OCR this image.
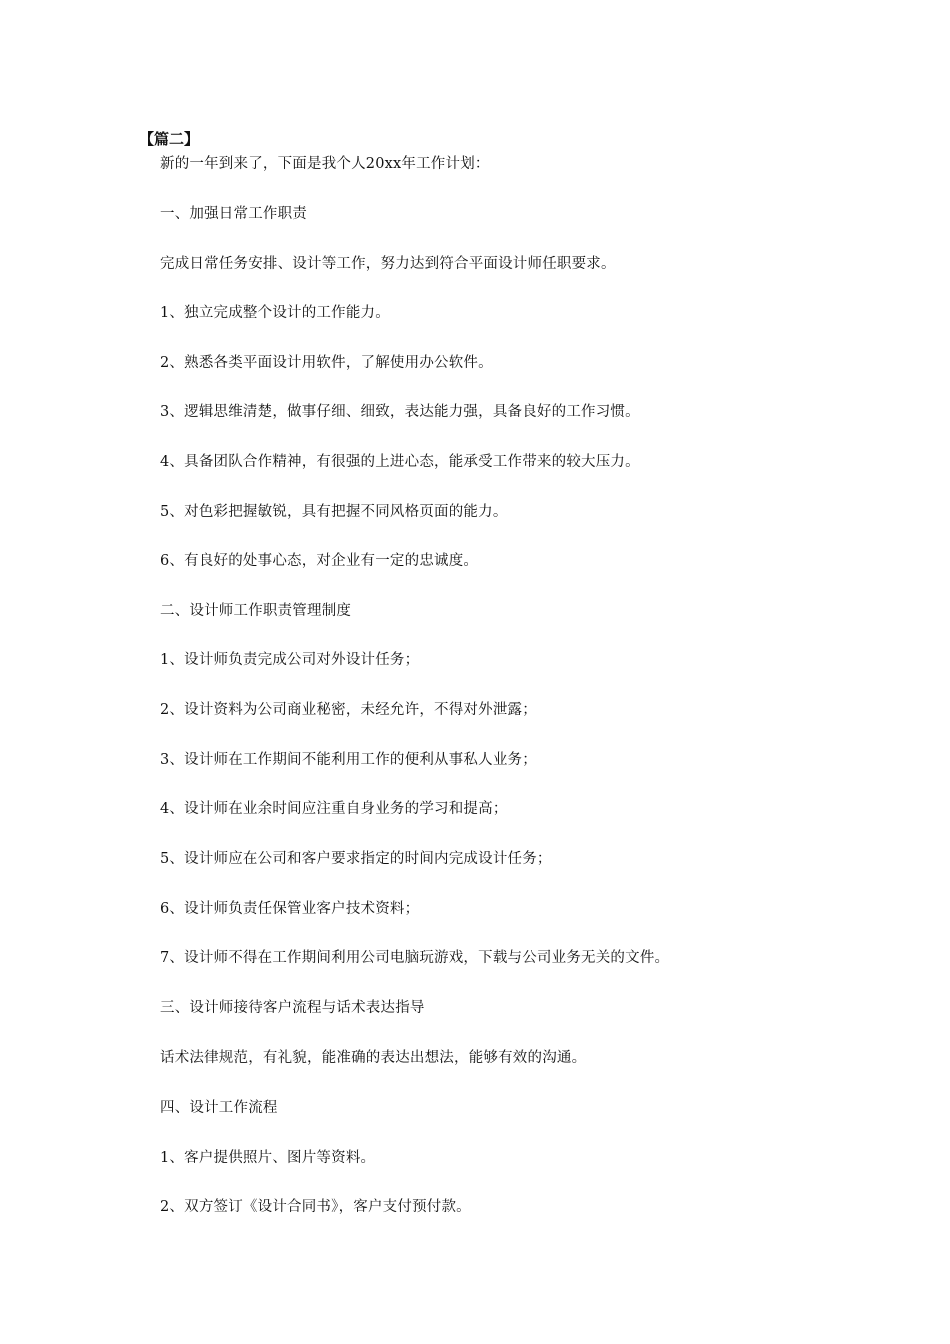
【篇二】
新的一年到来了，下面是我个人20xx年工作计划：
一、加强日常工作职责
完成日常任务安排、设计等工作，努力达到符合平面设计师任职要求。
1、独立完成整个设计的工作能力。
2、熟悉各类平面设计用软件，了解使用办公软件。
3、逻辑思维清楚，做事仔细、细致，表达能力强，具备良好的工作习惯。
4、具备团队合作精神，有很强的上进心态，能承受工作带来的较大压力。
5、对色彩把握敏锐，具有把握不同风格页面的能力。
6、有良好的处事心态，对企业有一定的忠诚度。
二、设计师工作职责管理制度
1、设计师负责完成公司对外设计任务；
2、设计资料为公司商业秘密，未经允许，不得对外泄露；
3、设计师在工作期间不能利用工作的便利从事私人业务；
4、设计师在业余时间应注重自身业务的学习和提高；
5、设计师应在公司和客户要求指定的时间内完成设计任务；
6、设计师负责任保管业客户技术资料；
7、设计师不得在工作期间利用公司电脑玩游戏，下载与公司业务无关的文件。
三、设计师接待客户流程与话术表达指导
话术法律规范，有礼貌，能准确的表达出想法，能够有效的沟通。
四、设计工作流程
1、客户提供照片、图片等资料。
2、双方签订《设计合同书》，客户支付预付款。
